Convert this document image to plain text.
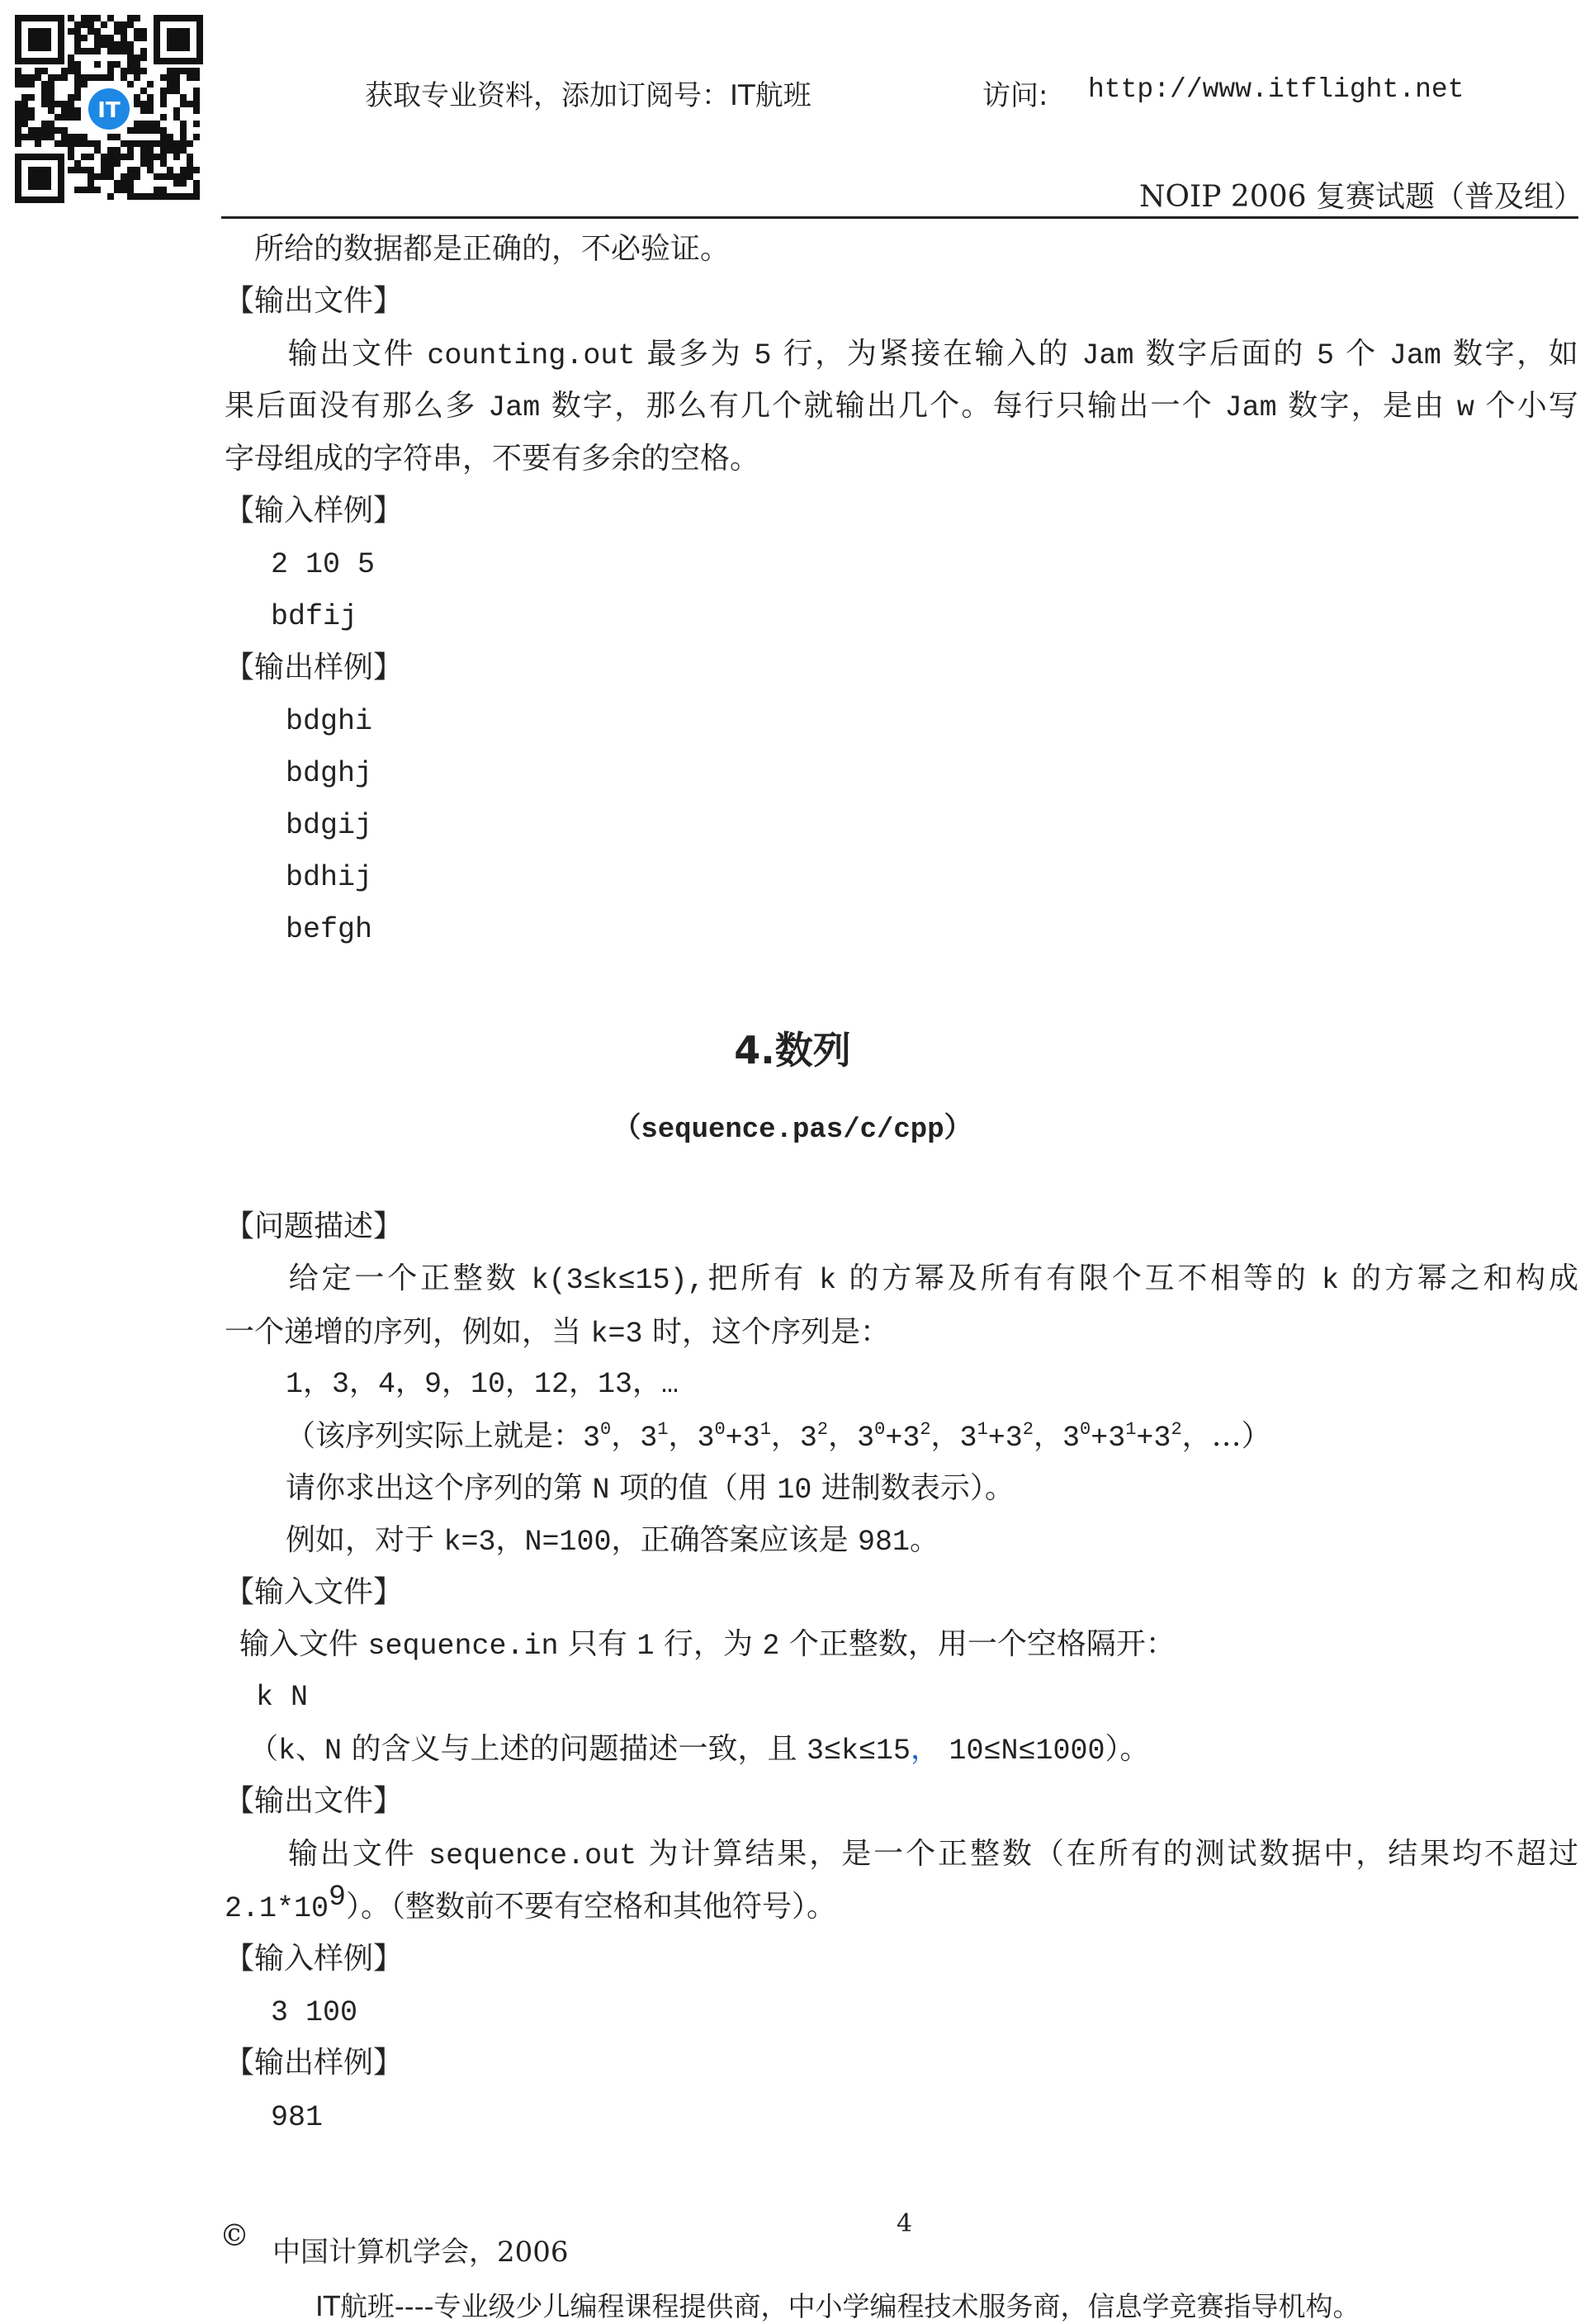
IT	获取专业资料，添加订阅号：IT航班	访问: http://www.itflight.net
NOIP 2006 复赛试题（普及组）
所给的数据都是正确的，不必验证。
【输出文件】
输出文件 counting.out 最多为 5 行，为紧接在输入的 Jam 数字后面的 5 个 Jam 数字，如
果后面没有那么多 Jam 数字，那么有几个就输出几个。每行只输出一个 Jam 数字，是由 w 个小写
字母组成的字符串，不要有多余的空格。
【输入样例】
2 10 5
bdfij
【输出样例】
bdghi
bdghj
bdgij
bdhij
befgh
4.数列
（sequence.pas/c/cpp）
【问题描述】
给定一个正整数 k(3≤k≤15),把所有 k 的方幂及所有有限个互不相等的 k 的方幂之和构成
一个递增的序列，例如，当 k=3 时，这个序列是：
1，3，4，9，10，12，13，…
（该序列实际上就是：$3^0$，$3^1$，$3^0+3^1$，$3^2$，$3^0+3^2$，$3^1+3^2$，$3^0+3^1+3^2$，…）
请你求出这个序列的第 N 项的值（用 10 进制数表示）。
例如，对于 k=3，N=100，正确答案应该是 981。
【输入文件】
输入文件 sequence.in 只有 1 行，为 2 个正整数，用一个空格隔开：
k N
（k、N 的含义与上述的问题描述一致，且 3≤k≤15， 10≤N≤1000）。
【输出文件】
输出文件 sequence.out 为计算结果，是一个正整数（在所有的测试数据中，结果均不超过
$2.1*10^9$）。（整数前不要有空格和其他符号）。
【输入样例】
3 100
【输出样例】
981
4
© 中国计算机学会，2006
IT航班----专业级少儿编程课程提供商，中小学编程技术服务商，信息学竞赛指导机构。
